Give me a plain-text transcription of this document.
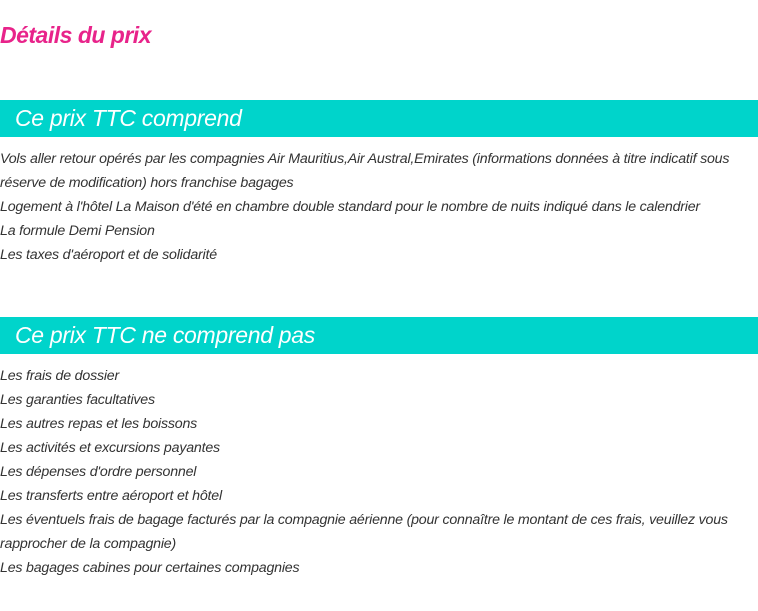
Détails du prix
Ce prix TTC comprend
Vols aller retour opérés par les compagnies Air Mauritius,Air Austral,Emirates (informations données à titre indicatif sous réserve de modification) hors franchise bagages
Logement à l'hôtel La Maison d'été en chambre double standard pour le nombre de nuits indiqué dans le calendrier
La formule Demi Pension
Les taxes d'aéroport et de solidarité
Ce prix TTC ne comprend pas
Les frais de dossier
Les garanties facultatives
Les autres repas et les boissons
Les activités et excursions payantes
Les dépenses d'ordre personnel
Les transferts entre aéroport et hôtel
Les éventuels frais de bagage facturés par la compagnie aérienne (pour connaître le montant de ces frais, veuillez vous rapprocher de la compagnie)
Les bagages cabines pour certaines compagnies
